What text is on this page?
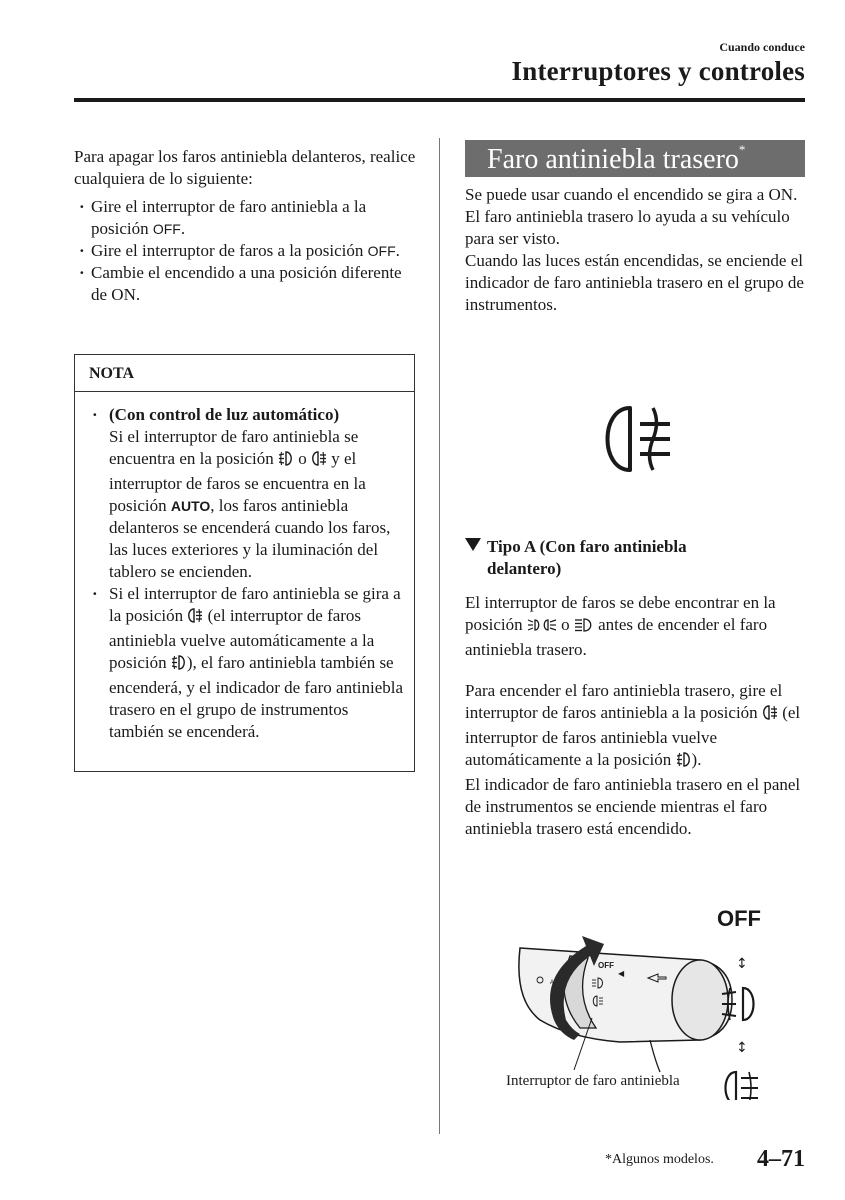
Cuando conduce
Interruptores y controles
Para apagar los faros antiniebla delanteros, realice cualquiera de lo siguiente:
· Gire el interruptor de faro antiniebla a la posición OFF.
· Gire el interruptor de faros a la posición OFF.
· Cambie el encendido a una posición diferente de ON.
NOTA
· (Con control de luz automático)
Si el interruptor de faro antiniebla se encuentra en la posición  o  y el interruptor de faros se encuentra en la posición AUTO, los faros antiniebla delanteros se encenderá cuando los faros, las luces exteriores y la iluminación del tablero se encienden.
· Si el interruptor de faro antiniebla se gira a la posición  (el interruptor de faros antiniebla vuelve automáticamente a la posición ), el faro antiniebla también se encenderá, y el indicador de faro antiniebla trasero en el grupo de instrumentos también se encenderá.
Faro antiniebla trasero*
Se puede usar cuando el encendido se gira a ON.
El faro antiniebla trasero lo ayuda a su vehículo para ser visto.
Cuando las luces están encendidas, se enciende el indicador de faro antiniebla trasero en el grupo de instrumentos.
Tipo A (Con faro antiniebla
delantero)
El interruptor de faros se debe encontrar en la posición  o  antes de encender el faro antiniebla trasero.
Para encender el faro antiniebla trasero, gire el interruptor de faros antiniebla a la posición  (el interruptor de faros antiniebla vuelve automáticamente a la posición ).
El indicador de faro antiniebla trasero en el panel de instrumentos se enciende mientras el faro antiniebla trasero está encendido.
OFF
◀
A
↕
↕
OFF
Interruptor de faro antiniebla
*Algunos modelos. 4–71
